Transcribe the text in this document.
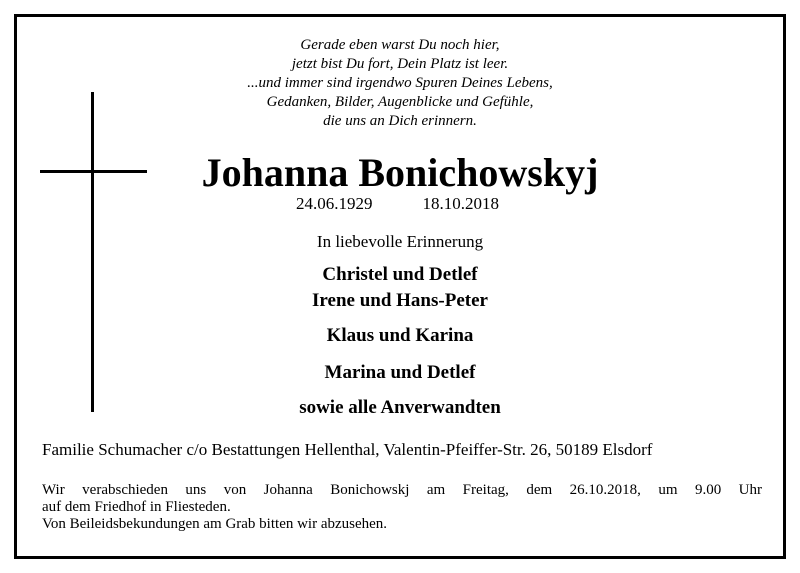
Gerade eben warst Du noch hier,
jetzt bist Du fort, Dein Platz ist leer.
...und immer sind irgendwo Spuren Deines Lebens,
Gedanken, Bilder, Augenblicke und Gefühle,
die uns an Dich erinnern.
Johanna Bonichowskyj
24.06.1929	18.10.2018
In liebevolle Erinnerung
Christel und Detlef
Irene und Hans-Peter
Klaus und Karina
Marina und Detlef
sowie alle Anverwandten
Familie Schumacher c/o Bestattungen Hellenthal, Valentin-Pfeiffer-Str. 26, 50189 Elsdorf
Wir verabschieden uns von Johanna Bonichowskj am Freitag, dem 26.10.2018, um 9.00 Uhr
auf dem Friedhof in Fliesteden.
Von Beileidsbekundungen am Grab bitten wir abzusehen.
